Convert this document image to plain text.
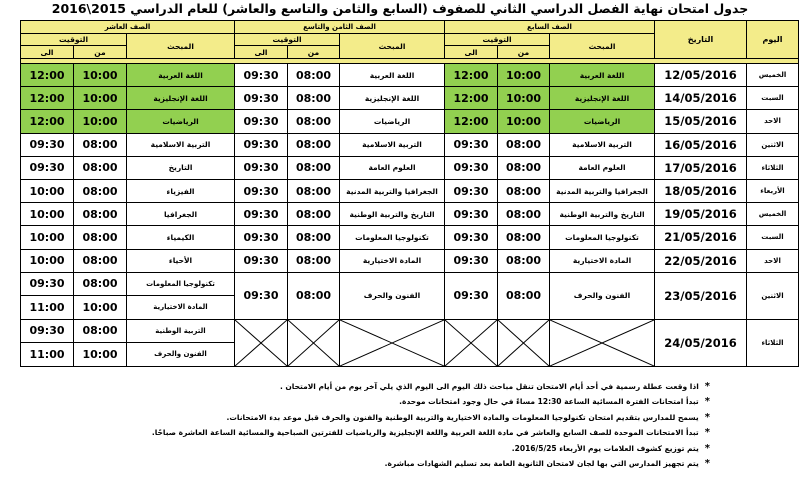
جدول امتحان نهاية الفصل الدراسي الثاني للصفوف (السابع والثامن والتاسع والعاشر) للعام الدراسي 2015\2016
اليوم	التاريخ	الصف السابع			الصف الثامن والتاسع			الصف العاشر		
		المبحث	التوقيت		المبحث	التوقيت		المبحث	التوقيت	
			من	الى		من	الى		من	الى

الخميس	12/05/2016	اللغة العربية	10:00	12:00	اللغة العربية	08:00	09:30	اللغة العربية	10:00	12:00
السبت	14/05/2016	اللغة الإنجليزية	10:00	12:00	اللغة الإنجليزية	08:00	09:30	اللغة الإنجليزية	10:00	12:00
الاحد	15/05/2016	الرياضيات	10:00	12:00	الرياضيات	08:00	09:30	الرياضيات	10:00	12:00
الاثنين	16/05/2016	التربية الاسلامية	08:00	09:30	التربية الاسلامية	08:00	09:30	التربية الاسلامية	08:00	09:30
الثلاثاء	17/05/2016	العلوم العامة	08:00	09:30	العلوم العامة	08:00	09:30	التاريخ	08:00	09:30
الأربعاء	18/05/2016	الجغرافيا والتربية المدنية	08:00	09:30	الجغرافيا والتربية المدنية	08:00	09:30	الفيزياء	08:00	10:00
الخميس	19/05/2016	التاريخ والتربية الوطنية	08:00	09:30	التاريخ والتربية الوطنية	08:00	09:30	الجغرافيا	08:00	10:00
السبت	21/05/2016	تكنولوجيا المعلومات	08:00	09:30	تكنولوجيا المعلومات	08:00	09:30	الكيمياء	08:00	10:00
الاحد	22/05/2016	المادة الاختيارية	08:00	09:30	المادة الاختيارية	08:00	09:30	الأحياء	08:00	10:00
الاثنين	23/05/2016	الفنون والحرف	08:00	09:30	الفنون والحرف	08:00	09:30	تكنولوجيا المعلومات	08:00	09:30
								المادة الاختيارية	10:00	11:00
الثلاثاء	24/05/2016							التربية الوطنية	08:00	09:30
								الفنون والحرف	10:00	11:00
*اذا وقعت عطلة رسمية في أحد أيام الامتحان تنقل مباحث ذلك اليوم الى اليوم الذي يلي آخر يوم من أيام الامتحان .
*تبدأ امتحانات الفترة المسائية الساعة 12:30 مساءً في حال وجود امتحانات موحدة.
*يسمح للمدارس بتقديم امتحان تكنولوجيا المعلومات والمادة الاختيارية والتربية الوطنية والفنون والحرف قبل موعد بدء الامتحانات.
*تبدأ الامتحانات الموحدة للصف السابع والعاشر في مادة اللغة العربية واللغة الإنجليزية والرياضيات للفترتين الصباحية والمسائية الساعة العاشرة صباحًا.
*يتم توزيع كشوف العلامات يوم الأربعاء 2016/5/25.
*يتم تجهيز المدارس التي بها لجان لامتحان الثانوية العامة بعد تسليم الشهادات مباشرة.
